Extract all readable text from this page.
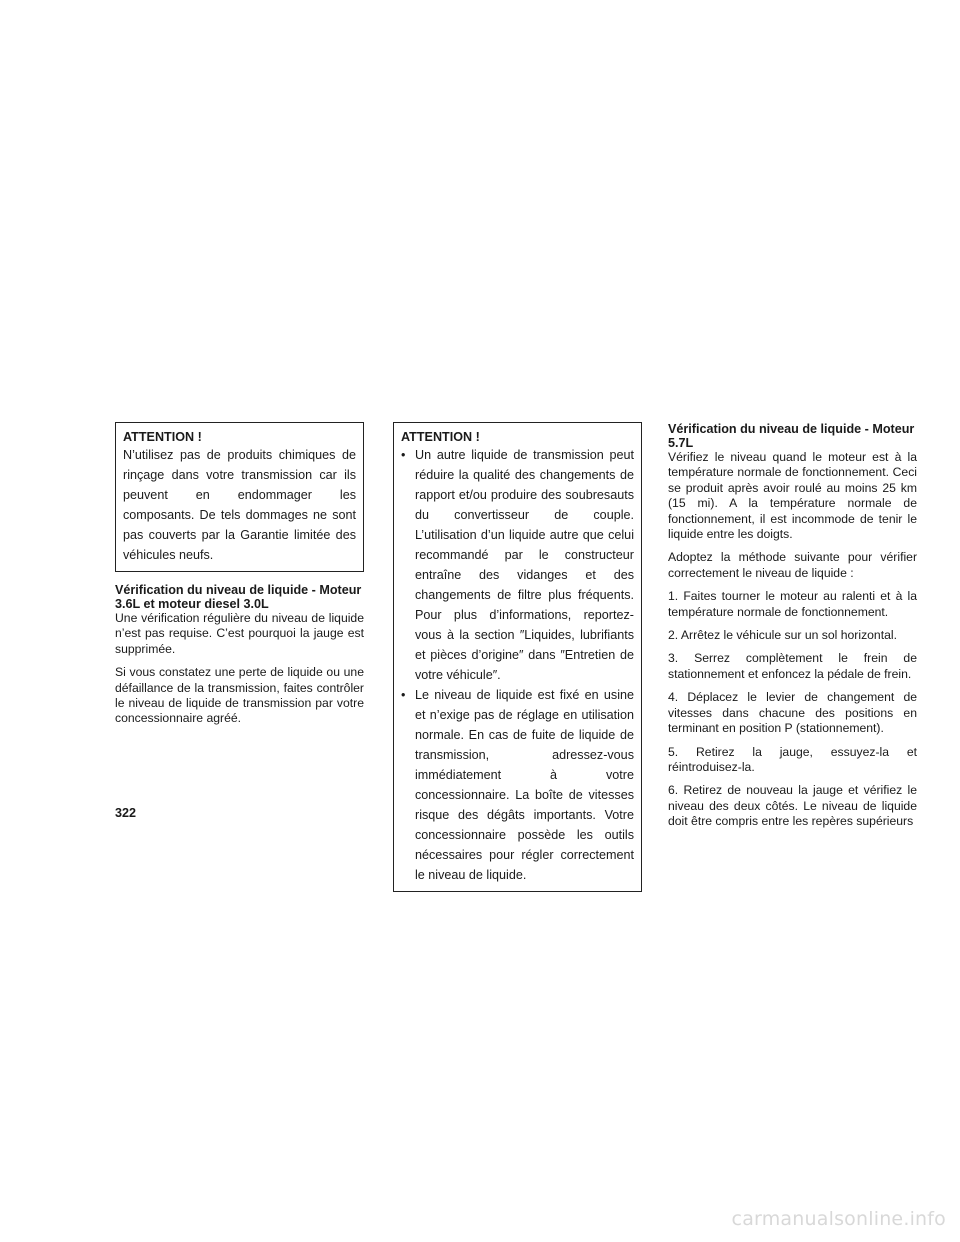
ATTENTION !

N’utilisez pas de produits chimiques de rinçage dans votre transmission car ils peuvent en endommager les composants. De tels dommages ne sont pas couverts par la Garantie limitée des véhicules neufs.

Vérification du niveau de liquide - Moteur 3.6L et moteur diesel 3.0L

Une vérification régulière du niveau de liquide n’est pas requise. C’est pourquoi la jauge est supprimée.

Si vous constatez une perte de liquide ou une défaillance de la transmission, faites contrôler le niveau de liquide de transmission par votre concessionnaire agréé.

ATTENTION !
• Un autre liquide de transmission peut réduire la qualité des changements de rapport et/ou produire des soubresauts du convertisseur de couple. L’utilisation d’un liquide autre que celui recommandé par le constructeur entraîne des vidanges et des changements de filtre plus fréquents. Pour plus d’informations, reportez-vous à la section ″Liquides, lubrifiants et pièces d’origine″ dans ″Entretien de votre véhicule″.
• Le niveau de liquide est fixé en usine et n’exige pas de réglage en utilisation normale. En cas de fuite de liquide de transmission, adressez-vous immédiatement à votre concessionnaire. La boîte de vitesses risque des dégâts importants. Votre concessionnaire possède les outils nécessaires pour régler correctement le niveau de liquide.
Vérification du niveau de liquide - Moteur 5.7L

Vérifiez le niveau quand le moteur est à la température normale de fonctionnement. Ceci se produit après avoir roulé au moins 25 km (15 mi). A la température normale de fonctionnement, il est incommode de tenir le liquide entre les doigts.

Adoptez la méthode suivante pour vérifier correctement le niveau de liquide :

1. Faites tourner le moteur au ralenti et à la température normale de fonctionnement.

2. Arrêtez le véhicule sur un sol horizontal.

3. Serrez complètement le frein de stationnement et enfoncez la pédale de frein.

4. Déplacez le levier de changement de vitesses dans chacune des positions en terminant en position P (stationnement).

5. Retirez la jauge, essuyez-la et réintroduisez-la.

6. Retirez de nouveau la jauge et vérifiez le niveau des deux côtés. Le niveau de liquide doit être compris entre les repères supérieurs

322
carmanualsonline.info
